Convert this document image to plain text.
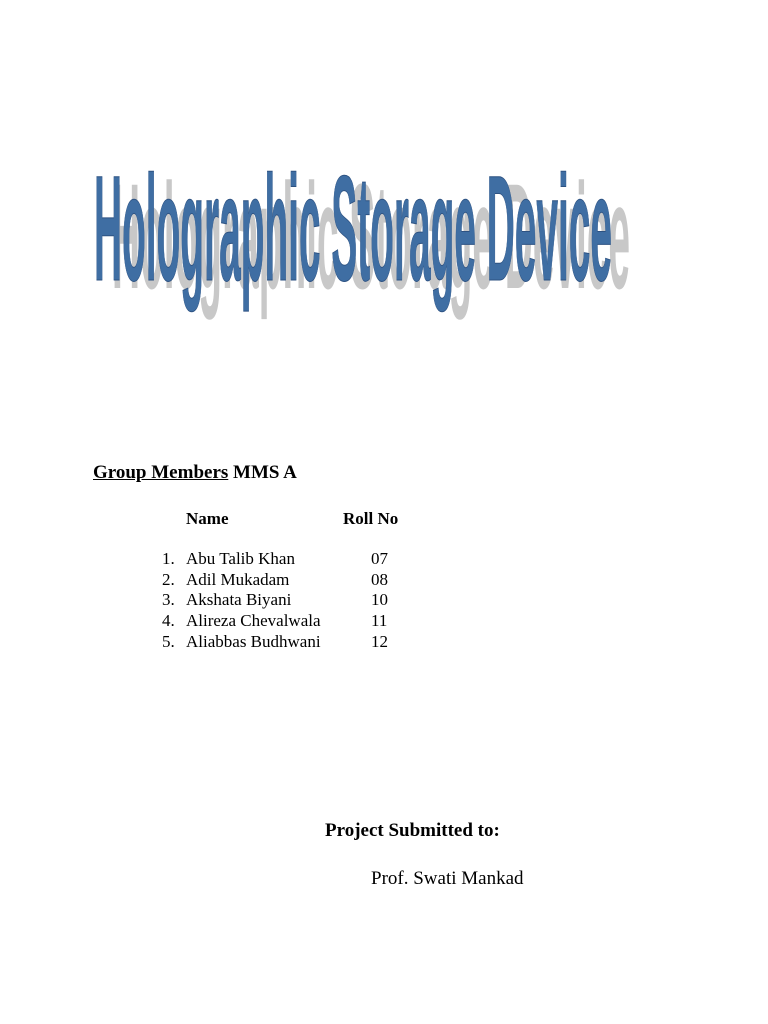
Holographic Storage Device
Holographic Storage Device
Group Members MMS A
Name	Roll No
1. Abu Talib Khan	07
2. Adil Mukadam	08
3. Akshata Biyani	10
4. Alireza Chevalwala	11
5. Aliabbas Budhwani	12
Project Submitted to:
Prof. Swati Mankad
